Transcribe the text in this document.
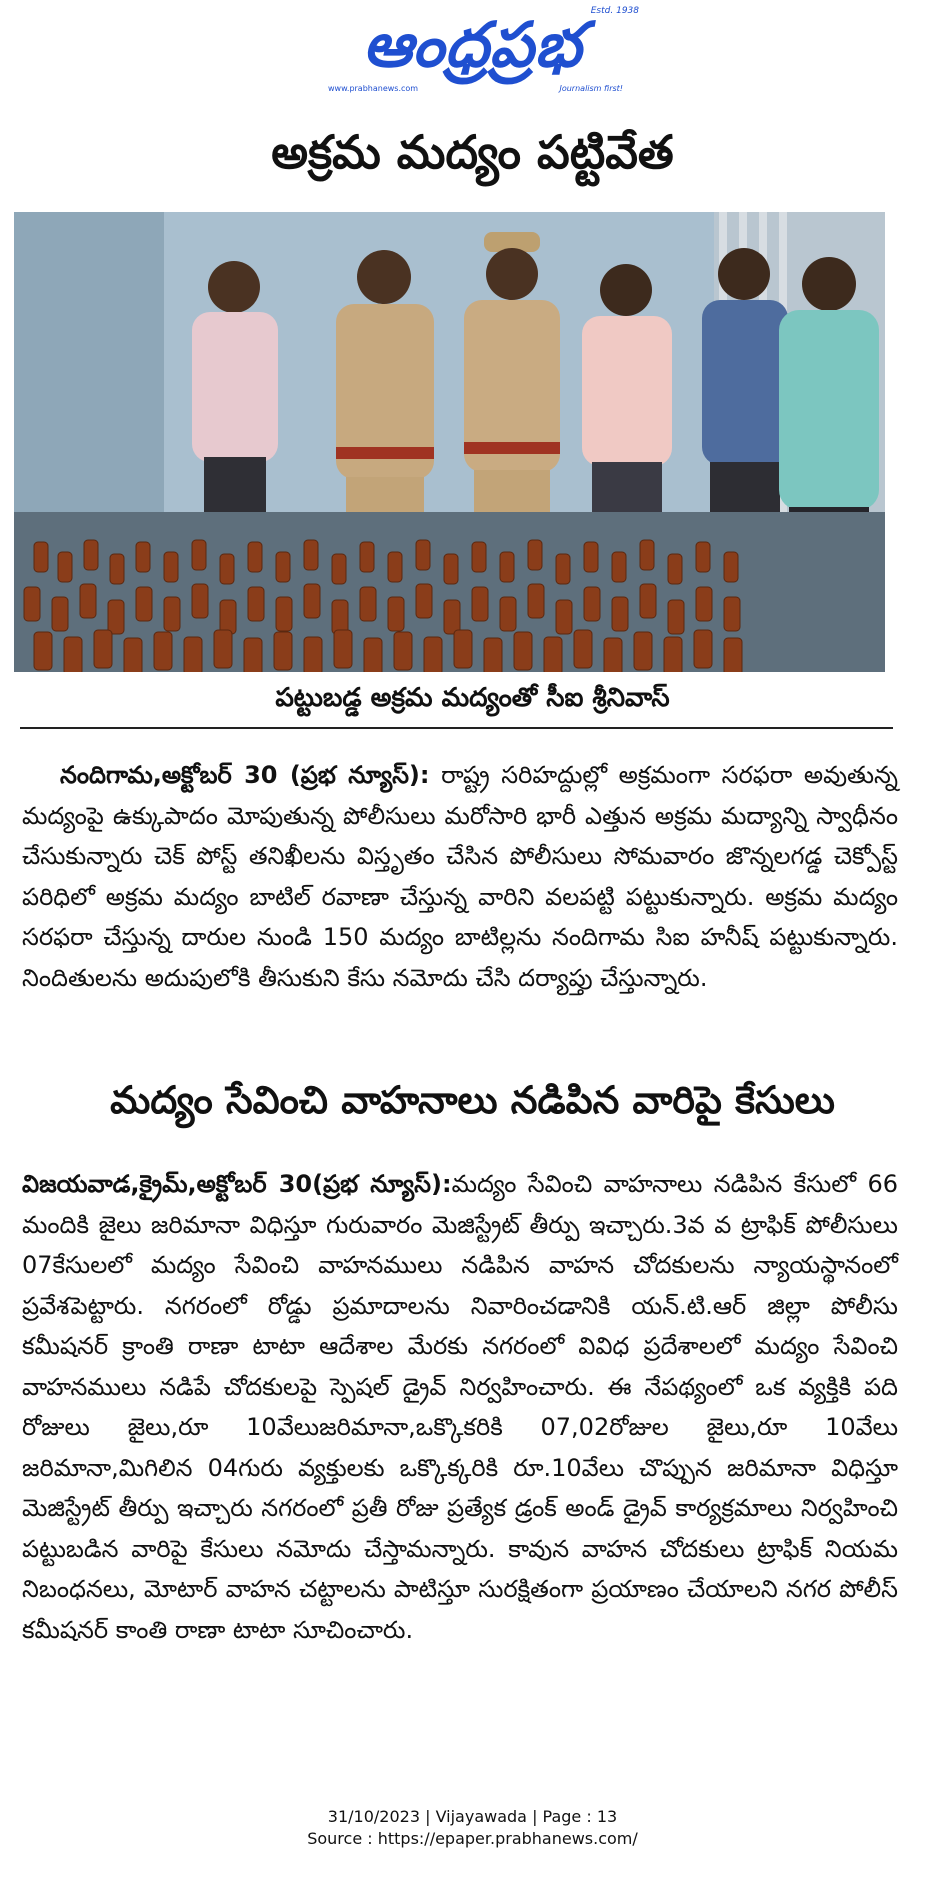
ఆంధ్రప్రభ Estd. 1938
www.prabhanews.com	Journalism first!
అక్రమ మద్యం పట్టివేత
పట్టుబడ్డ అక్రమ మద్యంతో సీఐ శ్రీనివాస్
నందిగామ,అక్టోబర్ 30 (ప్రభ న్యూస్): రాష్ట్ర సరిహద్దుల్లో అక్రమంగా సరఫరా అవుతున్న మద్యంపై ఉక్కుపాదం మోపుతున్న పోలీసులు మరోసారి భారీ ఎత్తున అక్రమ మద్యాన్ని స్వాధీనం చేసుకున్నారు చెక్ పోస్ట్ తనిఖీలను విస్తృతం చేసిన పోలీసులు సోమవారం జొన్నలగడ్డ చెక్పోస్ట్ పరిధిలో అక్రమ మద్యం బాటిల్ రవాణా చేస్తున్న వారిని వలపట్టి పట్టుకున్నారు. అక్రమ మద్యం సరఫరా చేస్తున్న దారుల నుండి 150 మద్యం బాటిల్లను నందిగామ సిఐ హనీష్ పట్టుకున్నారు. నిందితులను అదుపులోకి తీసుకుని కేసు నమోదు చేసి దర్యాప్తు చేస్తున్నారు.
మద్యం సేవించి వాహనాలు నడిపిన వారిపై కేసులు
విజయవాడ,క్రైమ్,అక్టోబర్ 30(ప్రభ న్యూస్):మద్యం సేవించి వాహనాలు నడిపిన కేసులో 66 మందికి జైలు జరిమానా విధిస్తూ గురువారం మెజిస్ట్రేట్ తీర్పు ఇచ్చారు.3వ వ ట్రాఫిక్ పోలీసులు 07కేసులలో మద్యం సేవించి వాహనములు నడిపిన వాహన చోదకులను న్యాయస్థానంలో ప్రవేశపెట్టారు. నగరంలో రోడ్డు ప్రమాదాలను నివారించడానికి యన్.టి.ఆర్ జిల్లా పోలీసు కమీషనర్ క్రాంతి రాణా టాటా ఆదేశాల మేరకు నగరంలో వివిధ ప్రదేశాలలో మద్యం సేవించి వాహనములు నడిపే చోదకులపై స్పెషల్ డ్రైవ్ నిర్వహించారు. ఈ నేపథ్యంలో ఒక వ్యక్తికి పది రోజులు జైలు,రూ 10వేలుజరిమానా,ఒక్కొకరికి 07,02రోజుల జైలు,రూ 10వేలు జరిమానా,మిగిలిన 04గురు వ్యక్తులకు ఒక్కొక్కరికి రూ.10వేలు చొప్పున జరిమానా విధిస్తూ మెజిస్ట్రేట్ తీర్పు ఇచ్చారు నగరంలో ప్రతీ రోజు ప్రత్యేక డ్రంక్ అండ్ డ్రైవ్ కార్యక్రమాలు నిర్వహించి పట్టుబడిన వారిపై కేసులు నమోదు చేస్తామన్నారు. కావున వాహన చోదకులు ట్రాఫిక్ నియమ నిబంధనలు, మోటార్ వాహన చట్టాలను పాటిస్తూ సురక్షితంగా ప్రయాణం చేయాలని నగర పోలీస్ కమీషనర్ కాంతి రాణా టాటా సూచించారు.
31/10/2023 | Vijayawada | Page : 13
Source : https://epaper.prabhanews.com/
